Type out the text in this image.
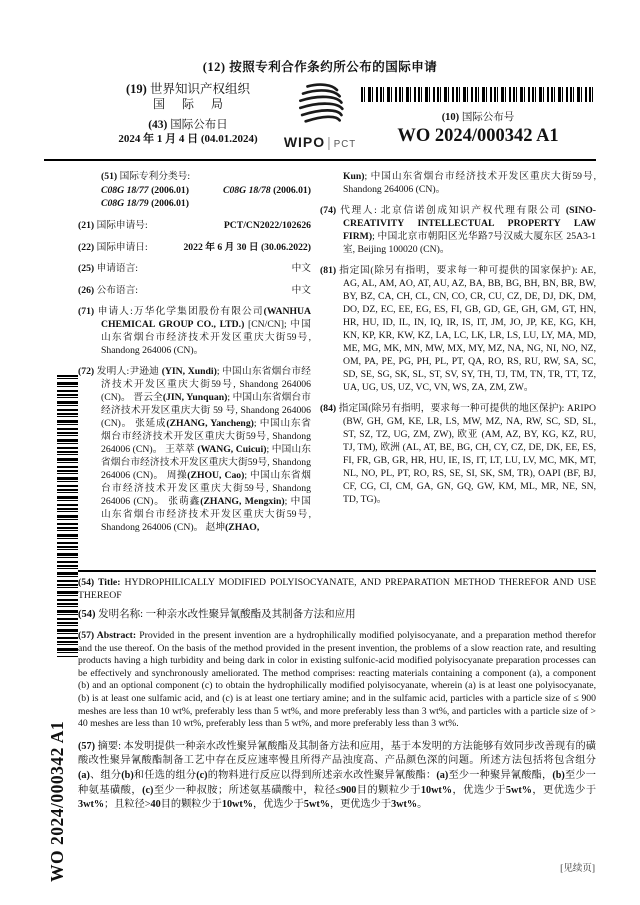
(12) 按照专利合作条约所公布的国际申请
(19) 世界知识产权组织
国 际 局
(43) 国际公布日
2024 年 1 月 4 日 (04.01.2024)	WIPO | PCT
(10) 国际公布号
WO 2024/000342 A1
(51) 国际专利分类号:
C08G 18/77 (2006.01)	C08G 18/78 (2006.01)
C08G 18/79 (2006.01)
(21) 国际申请号:	PCT/CN2022/102626
(22) 国际申请日:	2022 年 6 月 30 日 (30.06.2022)
(25) 申请语言:	中文
(26) 公布语言:	中文
(71) 申请人:万华化学集团股份有限公司(WANHUA CHEMICAL GROUP CO., LTD.) [CN/CN]; 中国山东省烟台市经济技术开发区重庆大街59号, Shandong 264006 (CN)。
(72) 发明人:尹逊迪 (YIN, Xundi); 中国山东省烟台市经济技术开发区重庆大街59号, Shandong 264006 (CN)。 晋云全(JIN, Yunquan); 中国山东省烟台市经济技术开发区重庆大街 59 号, Shandong 264006 (CN)。 张延成(ZHANG, Yancheng); 中国山东省烟台市经济技术开发区重庆大街59号, Shandong 264006 (CN)。 王萃萃 (WANG, Cuicui); 中国山东省烟台市经济技术开发区重庆大街59号, Shandong 264006 (CN)。 周操(ZHOU, Cao); 中国山东省烟台市经济技术开发区重庆大街59号, Shandong 264006 (CN)。 张萌鑫(ZHANG, Mengxin); 中国山东省烟台市经济技术开发区重庆大街59号, Shandong 264006 (CN)。 赵坤(ZHAO,
Kun); 中国山东省烟台市经济技术开发区重庆大街59号, Shandong 264006 (CN)。
(74) 代理人: 北京信诺创成知识产权代理有限公司 (SINO-CREATIVITY INTELLECTUAL PROPERTY LAW FIRM); 中国北京市朝阳区光华路7号汉威大厦东区 25A3-1 室, Beijing 100020 (CN)。
(81) 指定国(除另有指明，要求每一种可提供的国家保护): AE, AG, AL, AM, AO, AT, AU, AZ, BA, BB, BG, BH, BN, BR, BW, BY, BZ, CA, CH, CL, CN, CO, CR, CU, CZ, DE, DJ, DK, DM, DO, DZ, EC, EE, EG, ES, FI, GB, GD, GE, GH, GM, GT, HN, HR, HU, ID, IL, IN, IQ, IR, IS, IT, JM, JO, JP, KE, KG, KH, KN, KP, KR, KW, KZ, LA, LC, LK, LR, LS, LU, LY, MA, MD, ME, MG, MK, MN, MW, MX, MY, MZ, NA, NG, NI, NO, NZ, OM, PA, PE, PG, PH, PL, PT, QA, RO, RS, RU, RW, SA, SC, SD, SE, SG, SK, SL, ST, SV, SY, TH, TJ, TM, TN, TR, TT, TZ, UA, UG, US, UZ, VC, VN, WS, ZA, ZM, ZW。
(84) 指定国(除另有指明，要求每一种可提供的地区保护): ARIPO (BW, GH, GM, KE, LR, LS, MW, MZ, NA, RW, SC, SD, SL, ST, SZ, TZ, UG, ZM, ZW), 欧亚 (AM, AZ, BY, KG, KZ, RU, TJ, TM), 欧洲 (AL, AT, BE, BG, CH, CY, CZ, DE, DK, EE, ES, FI, FR, GB, GR, HR, HU, IE, IS, IT, LT, LU, LV, MC, MK, MT, NL, NO, PL, PT, RO, RS, SE, SI, SK, SM, TR), OAPI (BF, BJ, CF, CG, CI, CM, GA, GN, GQ, GW, KM, ML, MR, NE, SN, TD, TG)。
(54) Title: HYDROPHILICALLY MODIFIED POLYISOCYANATE, AND PREPARATION METHOD THEREFOR AND USE THEREOF
(54) 发明名称: 一种亲水改性聚异氰酸酯及其制备方法和应用
(57) Abstract: Provided in the present invention are a hydrophilically modified polyisocyanate, and a preparation method therefor and the use thereof. On the basis of the method provided in the present invention, the problems of a slow reaction rate, and resulting products having a high turbidity and being dark in color in existing sulfonic-acid modified polyisocyanate preparation processes can be effectively and synchronously ameliorated. The method comprises: reacting materials containing a component (a), a component (b) and an optional component (c) to obtain the hydrophilically modified polyisocyanate, wherein (a) is at least one polyisocyanate, (b) is at least one sulfamic acid, and (c) is at least one tertiary amine; and in the sulfamic acid, particles with a particle size of ≤ 900 meshes are less than 10 wt%, preferably less than 5 wt%, and more preferably less than 3 wt%, and particles with a particle size of > 40 meshes are less than 10 wt%, preferably less than 5 wt%, and more preferably less than 3 wt%.
(57) 摘要: 本发明提供一种亲水改性聚异氰酸酯及其制备方法和应用，基于本发明的方法能够有效同步改善现有的磺酸改性聚异氰酸酯制备工艺中存在反应速率慢且所得产品浊度高、产品颜色深的问题。所述方法包括将包含组分(a)、组分(b)和任选的组分(c)的物料进行反应以得到所述亲水改性聚异氰酸酯：(a)至少一种聚异氰酸酯，(b)至少一种氨基磺酸，(c)至少一种叔胺；所述氨基磺酸中，粒径≤900目的颗粒少于10wt%，优选少于5wt%，更优选少于3wt%；且粒径>40目的颗粒少于10wt%，优选少于5wt%，更优选少于3wt%。
WO 2024/000342 A1	[见续页]
